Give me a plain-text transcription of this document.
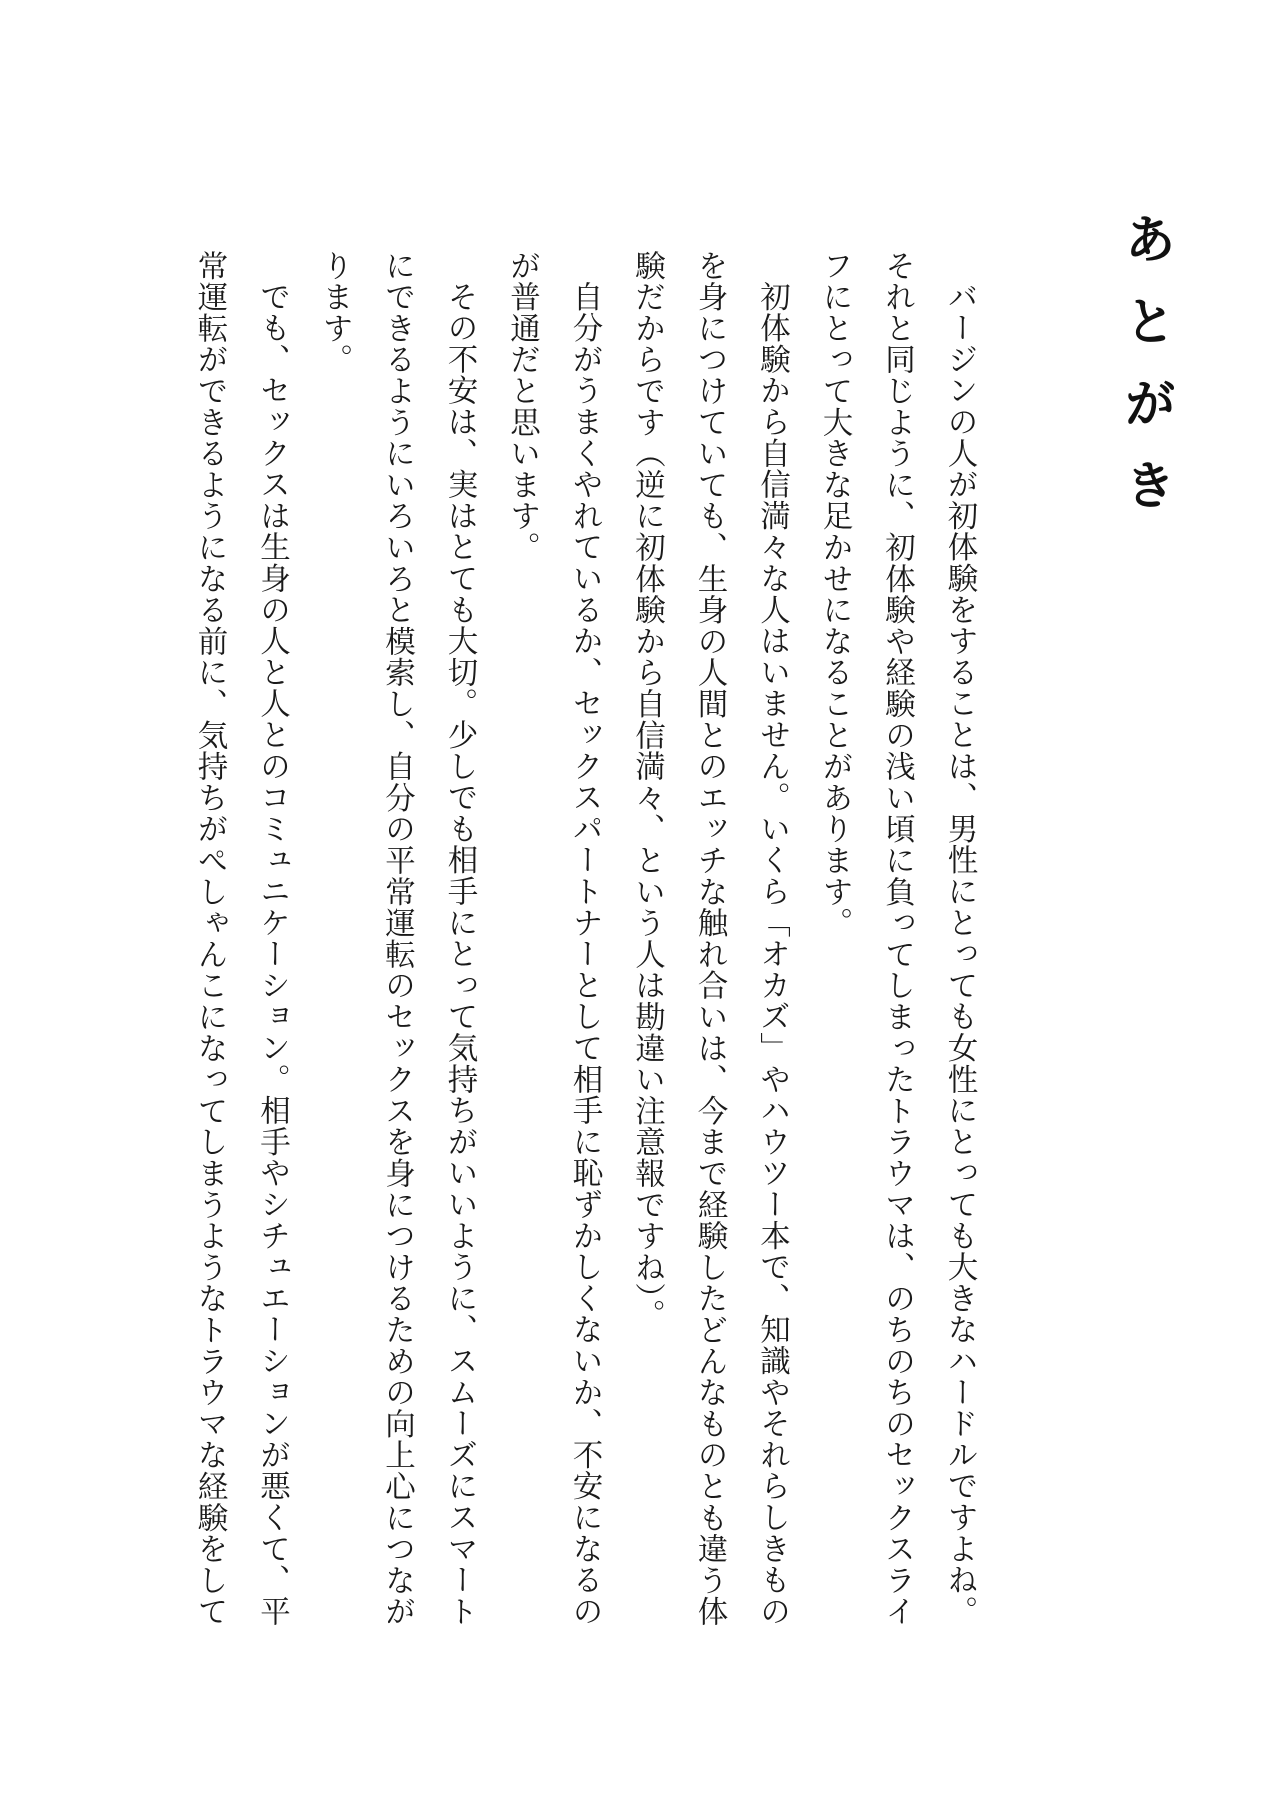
あとがき

バージンの人が初体験をすることは、男性にとっても女性にとっても大きなハードルですよね。それと同じように、初体験や経験の浅い頃に負ってしまったトラウマは、のちのちのセックスライフにとって大きな足かせになることがあります。

初体験から自信満々な人はいません。いくら「オカズ」やハウツー本で、知識やそれらしきものを身につけていても、生身の人間とのエッチな触れ合いは、今まで経験したどんなものとも違う体験だからです（逆に初体験から自信満々、という人は勘違い注意報ですね）。

自分がうまくやれているか、セックスパートナーとして相手に恥ずかしくないか、不安になるのが普通だと思います。

その不安は、実はとても大切。少しでも相手にとって気持ちがいいように、スムーズにスマートにできるようにいろいろと模索し、自分の平常運転のセックスを身につけるための向上心につながります。

でも、セックスは生身の人と人とのコミュニケーション。相手やシチュエーションが悪くて、平常運転ができるようになる前に、気持ちがぺしゃんこになってしまうようなトラウマな経験をして
